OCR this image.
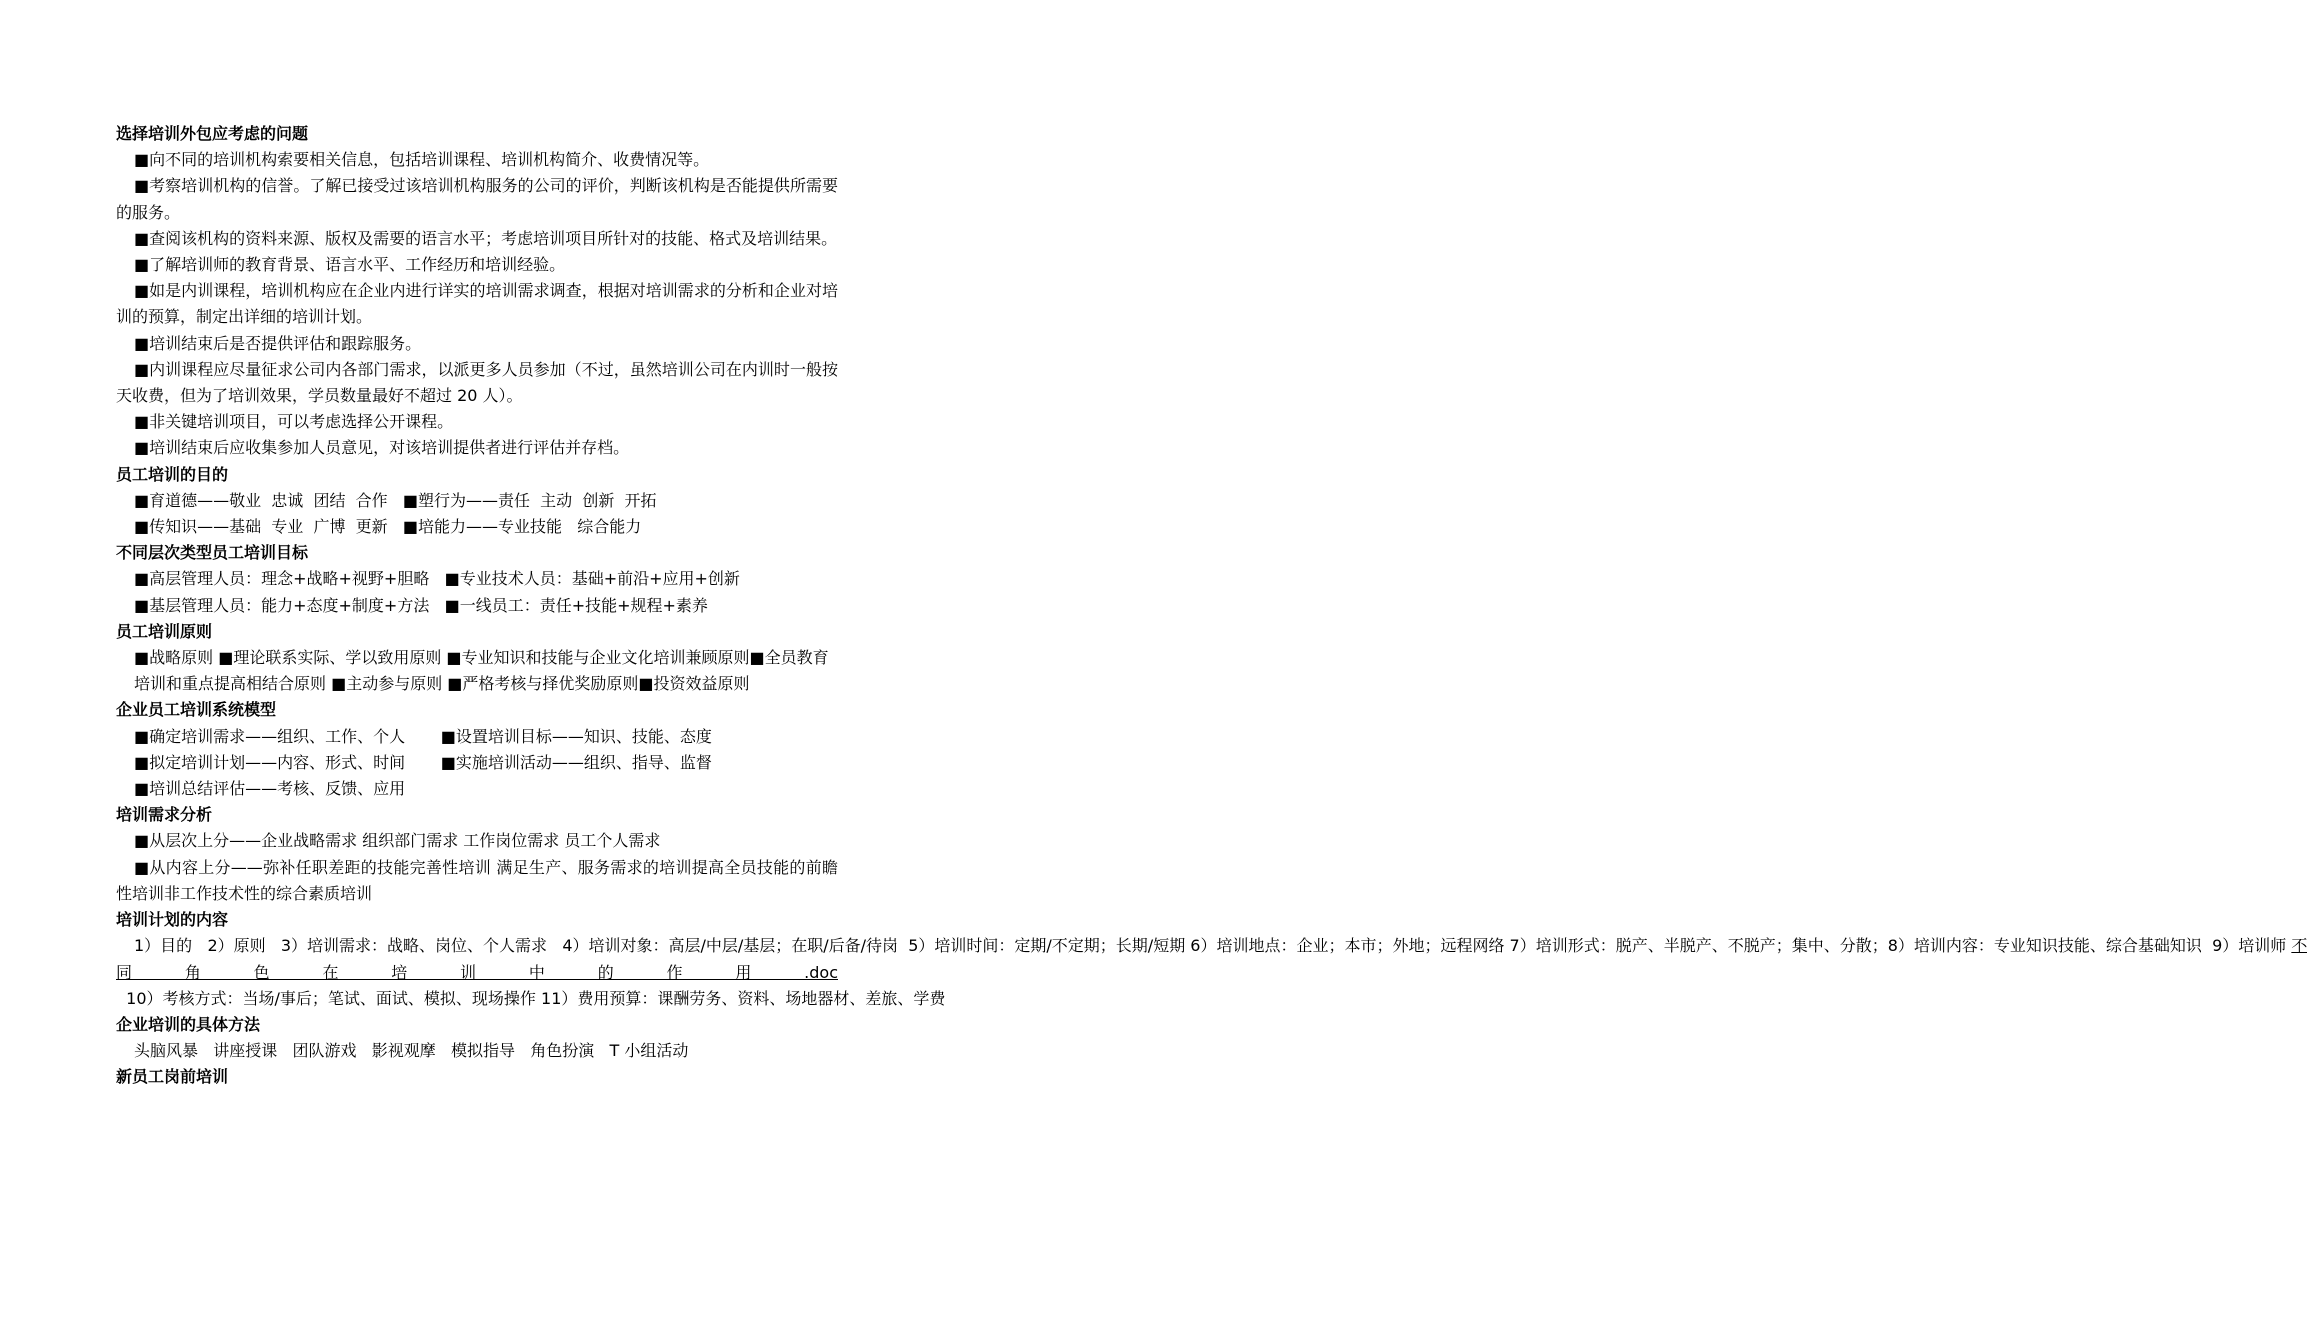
选择培训外包应考虑的问题
■向不同的培训机构索要相关信息，包括培训课程、培训机构简介、收费情况等。
■考察培训机构的信誉。了解已接受过该培训机构服务的公司的评价，判断该机构是否能提供所需要的服务。
■查阅该机构的资料来源、版权及需要的语言水平；考虑培训项目所针对的技能、格式及培训结果。
■了解培训师的教育背景、语言水平、工作经历和培训经验。
■如是内训课程，培训机构应在企业内进行详实的培训需求调查，根据对培训需求的分析和企业对培训的预算，制定出详细的培训计划。
■培训结束后是否提供评估和跟踪服务。
■内训课程应尽量征求公司内各部门需求，以派更多人员参加（不过，虽然培训公司在内训时一般按天收费，但为了培训效果，学员数量最好不超过 20 人）。
■非关键培训项目，可以考虑选择公开课程。
■培训结束后应收集参加人员意见，对该培训提供者进行评估并存档。
员工培训的目的
■育道德——敬业  忠诚  团结  合作   ■塑行为——责任  主动  创新  开拓
■传知识——基础  专业  广博  更新   ■培能力——专业技能   综合能力
不同层次类型员工培训目标
■高层管理人员：理念+战略+视野+胆略   ■专业技术人员：基础+前沿+应用+创新
■基层管理人员：能力+态度+制度+方法   ■一线员工：责任+技能+规程+素养
员工培训原则
■战略原则 ■理论联系实际、学以致用原则 ■专业知识和技能与企业文化培训兼顾原则■全员教育培训和重点提高相结合原则 ■主动参与原则 ■严格考核与择优奖励原则■投资效益原则
企业员工培训系统模型
■确定培训需求——组织、工作、个人       ■设置培训目标——知识、技能、态度
■拟定培训计划——内容、形式、时间       ■实施培训活动——组织、指导、监督
■培训总结评估——考核、反馈、应用
培训需求分析
■从层次上分——企业战略需求 组织部门需求 工作岗位需求 员工个人需求
■从内容上分——弥补任职差距的技能完善性培训 满足生产、服务需求的培训提高全员技能的前瞻性培训非工作技术性的综合素质培训
培训计划的内容
1）目的   2）原则   3）培训需求：战略、岗位、个人需求   4）培训对象：高层/中层/基层；在职/后备/待岗  5）培训时间：定期/不定期；长期/短期 6）培训地点：企业；本市；外地；远程网络 7）培训形式：脱产、半脱产、不脱产；集中、分散；8）培训内容：专业知识技能、综合基础知识  9）培训师 不同角色在培训中的作用.doc  10）考核方式：当场/事后；笔试、面试、模拟、现场操作 11）费用预算：课酬劳务、资料、场地器材、差旅、学费
企业培训的具体方法
头脑风暴   讲座授课   团队游戏   影视观摩   模拟指导   角色扮演   T 小组活动
新员工岗前培训
